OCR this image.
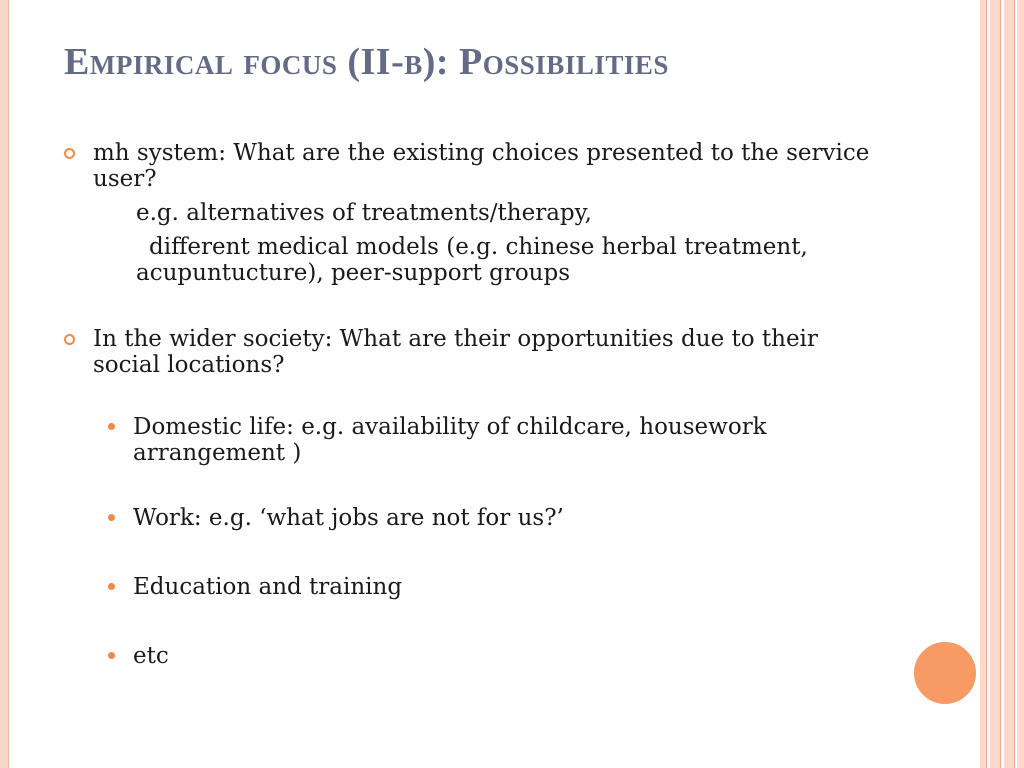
Empirical focus (II-b): Possibilities
mh system: What are the existing choices presented to the service user?
e.g. alternatives of treatments/therapy,
different medical models (e.g. chinese herbal treatment, acupuntucture), peer-support groups
In the wider society: What are their opportunities due to their social locations?
Domestic life: e.g. availability of childcare, housework arrangement )
Work: e.g. ‘what jobs are not for us?’
Education and training
etc
